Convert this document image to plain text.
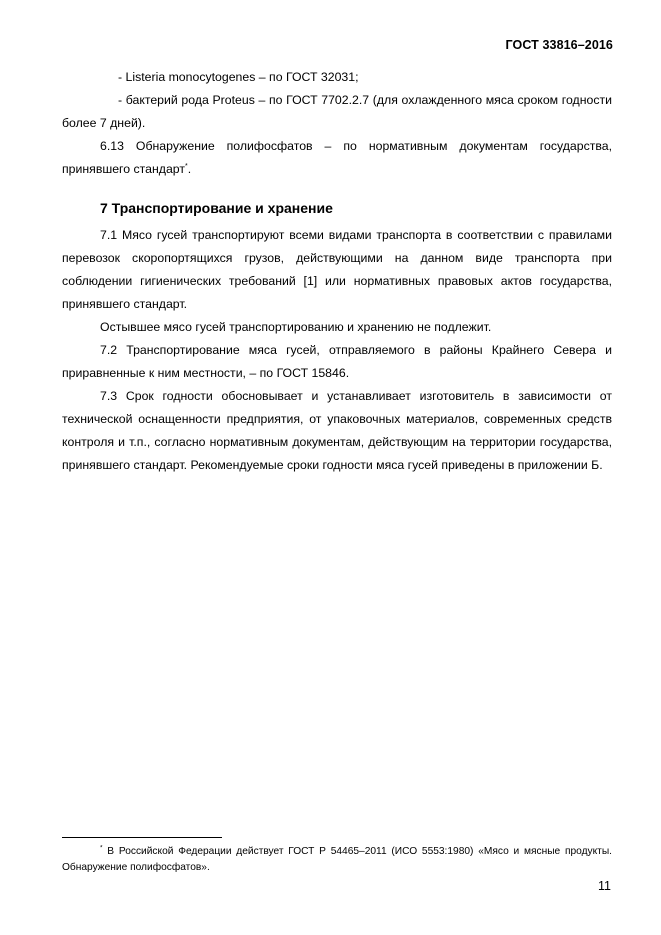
ГОСТ 33816–2016

- Listeria monocytogenes – по ГОСТ 32031;

- бактерий рода Proteus – по ГОСТ 7702.2.7 (для охлажденного мяса сроком годности более 7 дней).

6.13 Обнаружение полифосфатов – по нормативным документам государства, принявшего стандарт*.

7 Транспортирование и хранение

7.1 Мясо гусей транспортируют всеми видами транспорта в соответствии с правилами перевозок скоропортящихся грузов, действующими на данном виде транспорта при соблюдении гигиенических требований [1] или нормативных правовых актов государства, принявшего стандарт.

Остывшее мясо гусей транспортированию и хранению не подлежит.

7.2 Транспортирование мяса гусей, отправляемого в районы Крайнего Севера и приравненные к ним местности, – по ГОСТ 15846.

7.3 Срок годности обосновывает и устанавливает изготовитель в зависимости от технической оснащенности предприятия, от упаковочных материалов, современных средств контроля и т.п., согласно нормативным документам, действующим на территории государства, принявшего стандарт. Рекомендуемые сроки годности мяса гусей приведены в приложении Б.

* В Российской Федерации действует ГОСТ Р 54465–2011 (ИСО 5553:1980) «Мясо и мясные продукты. Обнаружение полифосфатов».
11
